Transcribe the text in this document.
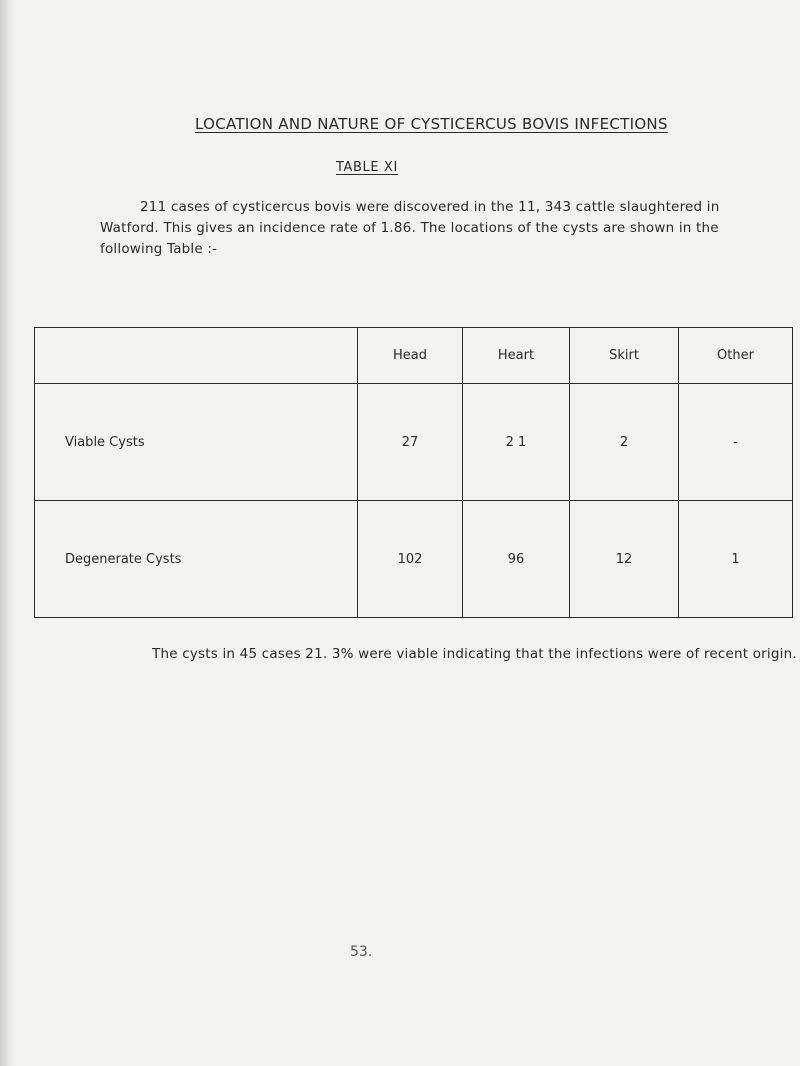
LOCATION AND NATURE OF CYSTICERCUS BOVIS INFECTIONS
TABLE XI

211 cases of cysticercus bovis were discovered in the 11, 343 cattle slaughtered in

Watford. This gives an incidence rate of 1.86. The locations of the cysts are shown in the

following Table :-

	Head	Heart	Skirt	Other
Viable Cysts	27	2 1	2	-
Degenerate Cysts	102	96	12	1
The cysts in 45 cases 21. 3% were viable indicating that the infections were of recent origin.
53.
